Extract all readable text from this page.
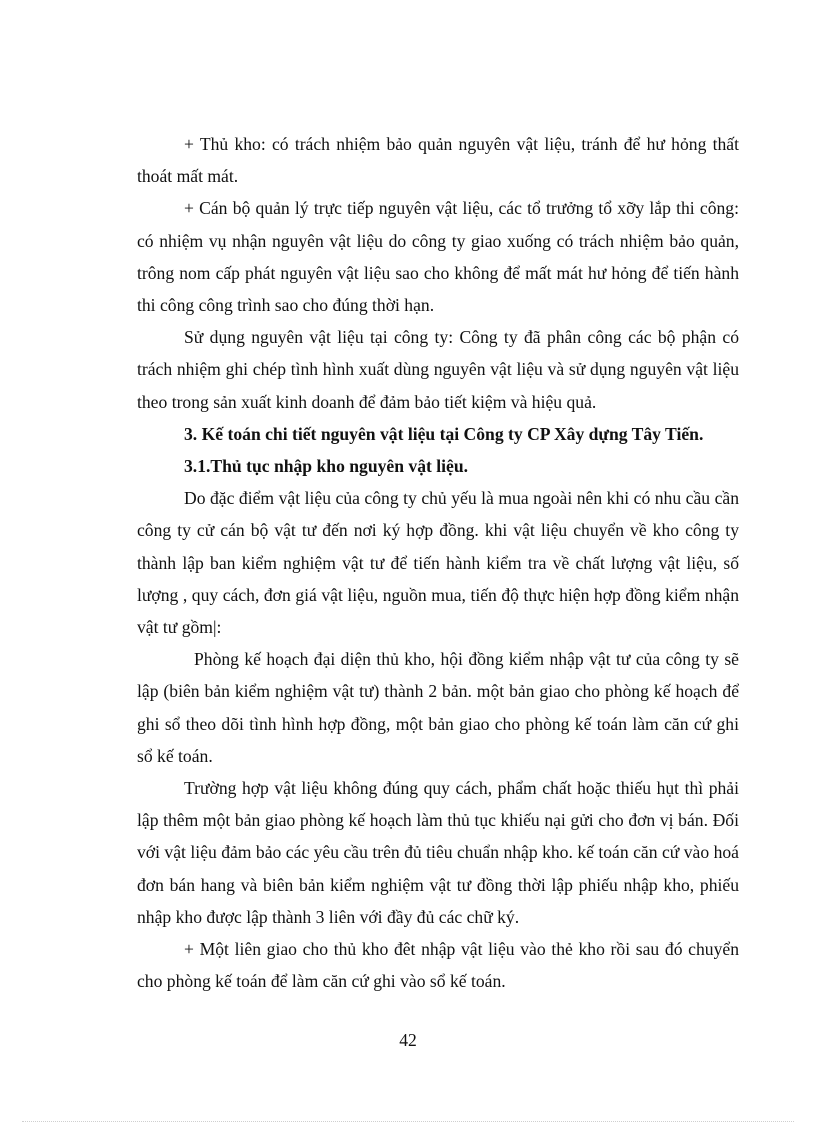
+ Thủ kho: có trách nhiệm bảo quản nguyên vật liệu, tránh để hư hỏng thất thoát mất mát.

+ Cán bộ quản lý trực tiếp nguyên vật liệu, các tổ trưởng tổ xỡy lắp thi công: có nhiệm vụ nhận nguyên vật liệu do công ty giao xuống có trách nhiệm bảo quản, trông nom cấp phát nguyên vật liệu sao cho không để mất mát hư hỏng để tiến hành thi công công trình sao cho đúng thời hạn.

Sử dụng nguyên vật liệu tại công ty: Công ty đã phân công các bộ phận có trách nhiệm ghi chép tình hình xuất dùng nguyên vật liệu và sử dụng nguyên vật liệu theo trong sản xuất kinh doanh để đảm bảo tiết kiệm và hiệu quả.

3. Kế toán chi tiết nguyên vật liệu tại Công ty CP Xây dựng Tây Tiến.

3.1.Thủ tục nhập kho nguyên vật liệu.

Do đặc điểm vật liệu của công ty chủ yếu là mua ngoài nên khi có nhu cầu cần công ty cử cán bộ vật tư đến nơi ký hợp đồng. khi vật liệu chuyển về kho công ty thành lập ban kiểm nghiệm vật tư để tiến hành kiểm tra về chất lượng vật liệu, số lượng , quy cách, đơn giá vật liệu, nguồn mua, tiến độ thực hiện hợp đồng kiểm nhận vật tư gồm|:

Phòng kế hoạch đại diện thủ kho, hội đồng kiểm nhập vật tư của công ty sẽ lập (biên bản kiểm nghiệm vật tư) thành 2 bản. một bản giao cho phòng kế hoạch để ghi sổ theo dõi tình hình hợp đồng, một bản giao cho phòng kế toán làm căn cứ ghi sổ kế toán.

Trường hợp vật liệu không đúng quy cách, phẩm chất hoặc thiếu hụt thì phải lập thêm một bản giao phòng kế hoạch làm thủ tục khiếu nại gửi cho đơn vị bán. Đối với vật liệu đảm bảo các yêu cầu trên đủ tiêu chuẩn nhập kho. kế toán căn cứ vào hoá đơn bán hang và biên bản kiểm nghiệm vật tư đồng thời lập phiếu nhập kho, phiếu nhập kho được lập thành 3 liên với đầy đủ các chữ ký.

+ Một liên giao cho thủ kho đêt nhập vật liệu vào thẻ kho rồi sau đó chuyển cho phòng kế toán để làm căn cứ ghi vào sổ kế toán.

42
